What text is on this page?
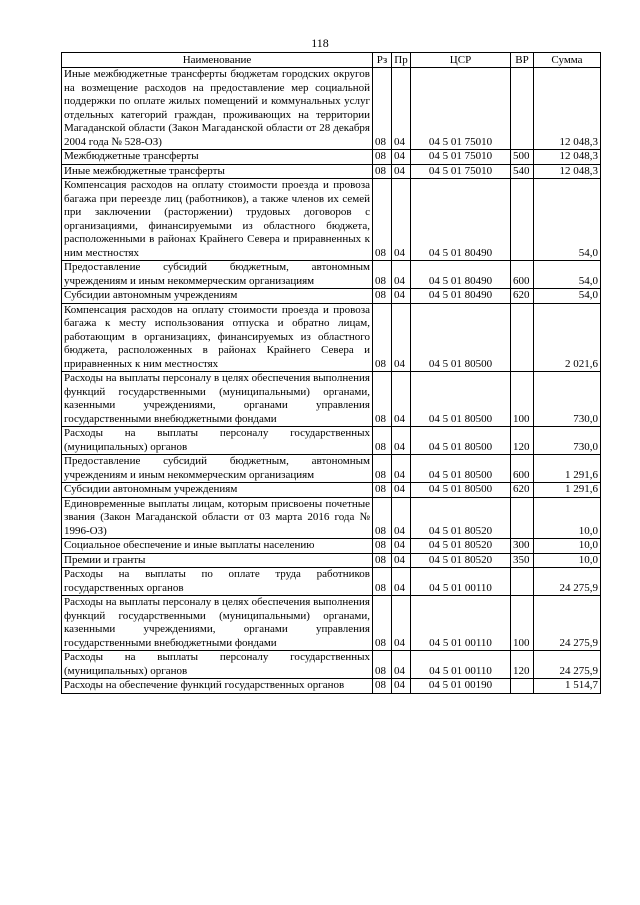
118
Наименование	Рз	Пр	ЦСР	ВР	Сумма
Иные межбюджетные трансферты бюджетам городских округов на возмещение расходов на предоставление мер социальной поддержки по оплате жилых помещений и коммунальных услуг отдельных категорий граждан, проживающих на территории Магаданской области (Закон Магаданской области от 28 декабря 2004 года № 528-ОЗ)	08	04	04 5 01 75010		12 048,3
Межбюджетные трансферты	08	04	04 5 01 75010	500	12 048,3
Иные межбюджетные трансферты	08	04	04 5 01 75010	540	12 048,3
Компенсация расходов на оплату стоимости проезда и провоза багажа при переезде лиц (работников), а также членов их семей при заключении (расторжении) трудовых договоров с организациями, финансируемыми из областного бюджета, расположенными в районах Крайнего Севера и приравненных к ним местностях	08	04	04 5 01 80490		54,0
Предоставление субсидий бюджетным, автономным учреждениям и иным некоммерческим организациям	08	04	04 5 01 80490	600	54,0
Субсидии автономным учреждениям	08	04	04 5 01 80490	620	54,0
Компенсация расходов на оплату стоимости проезда и провоза багажа к месту использования отпуска и обратно лицам, работающим в организациях, финансируемых из областного бюджета, расположенных в районах Крайнего Севера и приравненных к ним местностях	08	04	04 5 01 80500		2 021,6
Расходы на выплаты персоналу в целях обеспечения выполнения функций государственными (муниципальными) органами, казенными учреждениями, органами управления государственными внебюджетными фондами	08	04	04 5 01 80500	100	730,0
Расходы на выплаты персоналу государственных (муниципальных) органов	08	04	04 5 01 80500	120	730,0
Предоставление субсидий бюджетным, автономным учреждениям и иным некоммерческим организациям	08	04	04 5 01 80500	600	1 291,6
Субсидии автономным учреждениям	08	04	04 5 01 80500	620	1 291,6
Единовременные выплаты лицам, которым присвоены почетные звания (Закон Магаданской области от 03 марта 2016 года № 1996-ОЗ)	08	04	04 5 01 80520		10,0
Социальное обеспечение и иные выплаты населению	08	04	04 5 01 80520	300	10,0
Премии и гранты	08	04	04 5 01 80520	350	10,0
Расходы на выплаты по оплате труда работников государственных органов	08	04	04 5 01 00110		24 275,9
Расходы на выплаты персоналу в целях обеспечения выполнения функций государственными (муниципальными) органами, казенными учреждениями, органами управления государственными внебюджетными фондами	08	04	04 5 01 00110	100	24 275,9
Расходы на выплаты персоналу государственных (муниципальных) органов	08	04	04 5 01 00110	120	24 275,9
Расходы на обеспечение функций государственных органов	08	04	04 5 01 00190		1 514,7
